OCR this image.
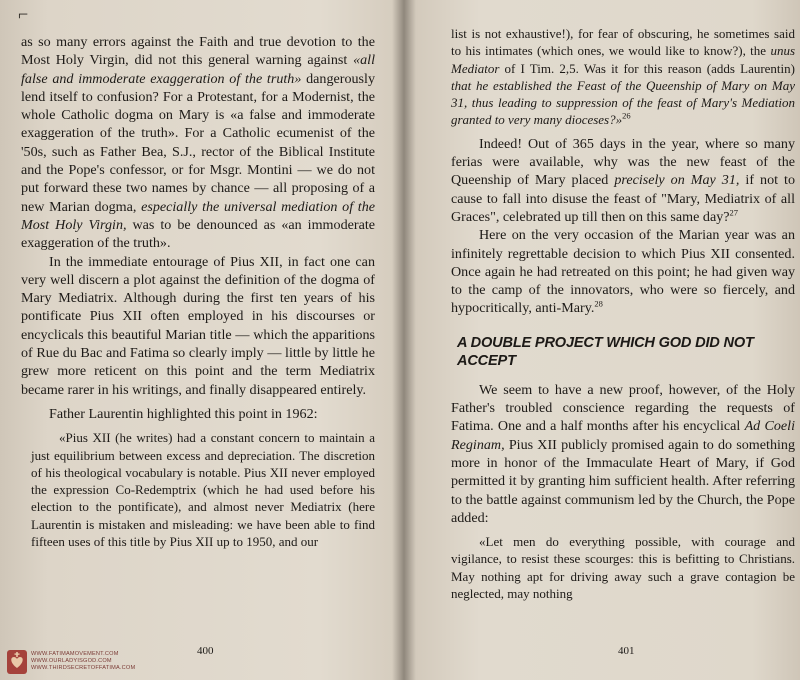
⌐

as so many errors against the Faith and true devotion to the Most Holy Virgin, did not this general warning against «all false and immoderate exaggeration of the truth» dangerously lend itself to confusion? For a Protestant, for a Modernist, the whole Catholic dogma on Mary is «a false and immoderate exaggeration of the truth». For a Catholic ecumenist of the '50s, such as Father Bea, S.J., rector of the Biblical Institute and the Pope's confessor, or for Msgr. Montini — we do not put forward these two names by chance — all proposing of a new Marian dogma, especially the universal mediation of the Most Holy Virgin, was to be denounced as «an immoderate exaggeration of the truth».

In the immediate entourage of Pius XII, in fact one can very well discern a plot against the definition of the dogma of Mary Mediatrix. Although during the first ten years of his pontificate Pius XII often employed in his discourses or encyclicals this beautiful Marian title — which the apparitions of Rue du Bac and Fatima so clearly imply — little by little he grew more reticent on this point and the term Mediatrix became rarer in his writings, and finally disappeared entirely.

Father Laurentin highlighted this point in 1962:

«Pius XII (he writes) had a constant concern to maintain a just equilibrium between excess and depreciation. The discretion of his theological vocabulary is notable. Pius XII never employed the expression Co-Redemptrix (which he had used before his election to the pontificate), and almost never Mediatrix (here Laurentin is mistaken and misleading: we have been able to find fifteen uses of this title by Pius XII up to 1950, and our

400
WWW.FATIMAMOVEMENT.COM
WWW.OURLADYISGOD.COM
WWW.THIRDSECRETOFFATIMA.COM

list is not exhaustive!), for fear of obscuring, he sometimes said to his intimates (which ones, we would like to know?), the unus Mediator of I Tim. 2,5. Was it for this reason (adds Laurentin) that he established the Feast of the Queenship of Mary on May 31, thus leading to suppression of the feast of Mary's Mediation granted to very many dioceses?»$^{26}$

Indeed! Out of 365 days in the year, where so many ferias were available, why was the new feast of the Queenship of Mary placed precisely on May 31, if not to cause to fall into disuse the feast of "Mary, Mediatrix of all Graces", celebrated up till then on this same day?$^{27}$

Here on the very occasion of the Marian year was an infinitely regrettable decision to which Pius XII consented. Once again he had retreated on this point; he had given way to the camp of the innovators, who were so fiercely, and hypocritically, anti-Mary.$^{28}$

A DOUBLE PROJECT WHICH GOD DID NOT ACCEPT

We seem to have a new proof, however, of the Holy Father's troubled conscience regarding the requests of Fatima. One and a half months after his encyclical Ad Coeli Reginam, Pius XII publicly promised again to do something more in honor of the Immaculate Heart of Mary, if God permitted it by granting him sufficient health. After referring to the battle against communism led by the Church, the Pope added:

«Let men do everything possible, with courage and vigilance, to resist these scourges: this is befitting to Christians. May nothing apt for driving away such a grave contagion be neglected, may nothing

401
